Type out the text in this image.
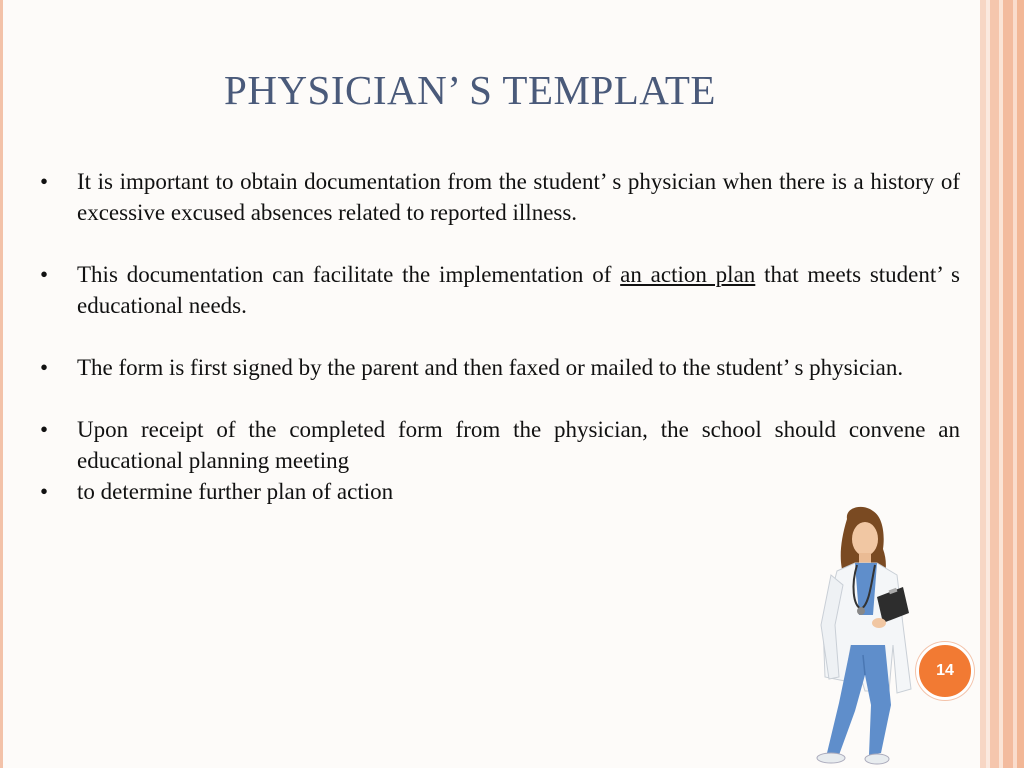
PHYSICIAN’ S TEMPLATE
•	It is important to obtain documentation from the student’ s physician when there is a history of excessive excused absences related to reported illness.
•	This documentation can facilitate the implementation of an action plan that meets student’ s educational needs.
•	The form is first signed by the parent and then faxed or mailed to the student’ s physician.
•	Upon receipt of the completed form from the physician, the school should convene an educational planning meeting
•	to determine further plan of action
14
